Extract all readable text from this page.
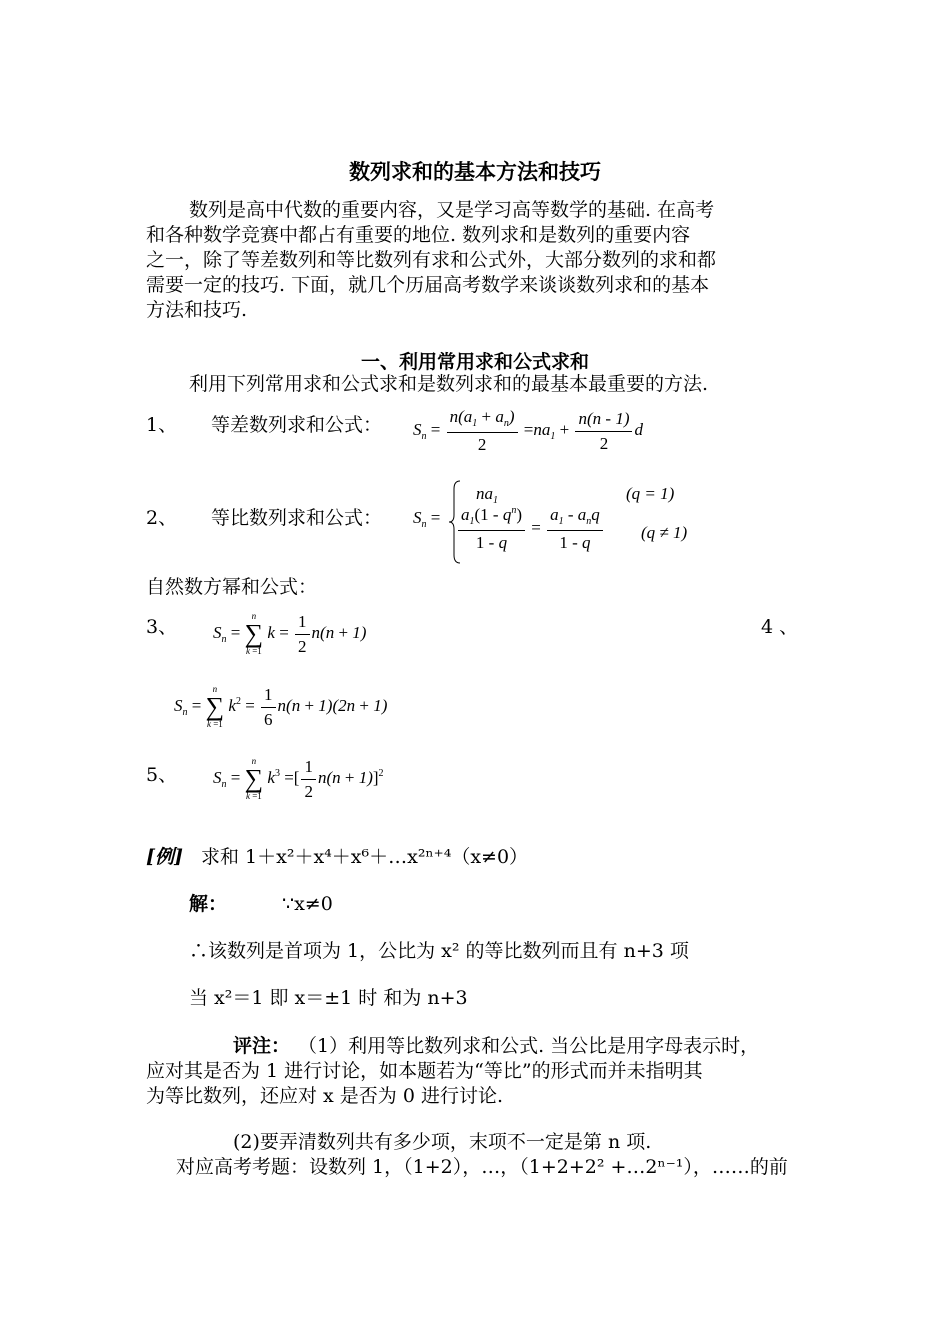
数列求和的基本方法和技巧
数列是高中代数的重要内容，又是学习高等数学的基础. 在高考
和各种数学竞赛中都占有重要的地位. 数列求和是数列的重要内容
之一，除了等差数列和等比数列有求和公式外，大部分数列的求和都
需要一定的技巧. 下面，就几个历届高考数学来谈谈数列求和的基本
方法和技巧.
一、利用常用求和公式求和
利用下列常用求和公式求和是数列求和的最基本最重要的方法.
1、 等差数列求和公式： $S_n = \frac{n(a_1 + a_n)}{2} =na_1 + \frac{n(n - 1)}{2}$ d
2、 等比数列求和公式： $S_n$ =
$na_1$	(q = 1)
$\frac{a_1(1 - q^n)}{1 - q} = \frac{a_1 - a_nq}{1 - q} (q \ne 1)$
自然数方幂和公式：
3、 $S_n$ =
n
∑
k =1
$k = \frac{1}{2} n(n + 1)$	4 、
$S_n$ =
n
∑
k =1
$k^2 = \frac{1}{6} n(n + 1)(2n + 1)$
5、 $S_n$ =
n
∑
k =1
$k^3$ =[ $\frac{1}{2} n(n + 1)]^2$
[例] 求和 1＋x²＋x⁴＋x⁶＋…x²ⁿ⁺⁴（x≠0）
解：	∵x≠0
∴该数列是首项为 1，公比为 x² 的等比数列而且有 n+3 项
当 x²＝1 即 x＝±1 时 和为 n+3
评注： （1）利用等比数列求和公式. 当公比是用字母表示时，
应对其是否为 1 进行讨论，如本题若为“等比”的形式而并未指明其
为等比数列，还应对 x 是否为 0 进行讨论.
(2)要弄清数列共有多少项，末项不一定是第 n 项.
对应高考考题：设数列 1，（1+2），…，（1+2+2² +…2ⁿ⁻¹），……的前
